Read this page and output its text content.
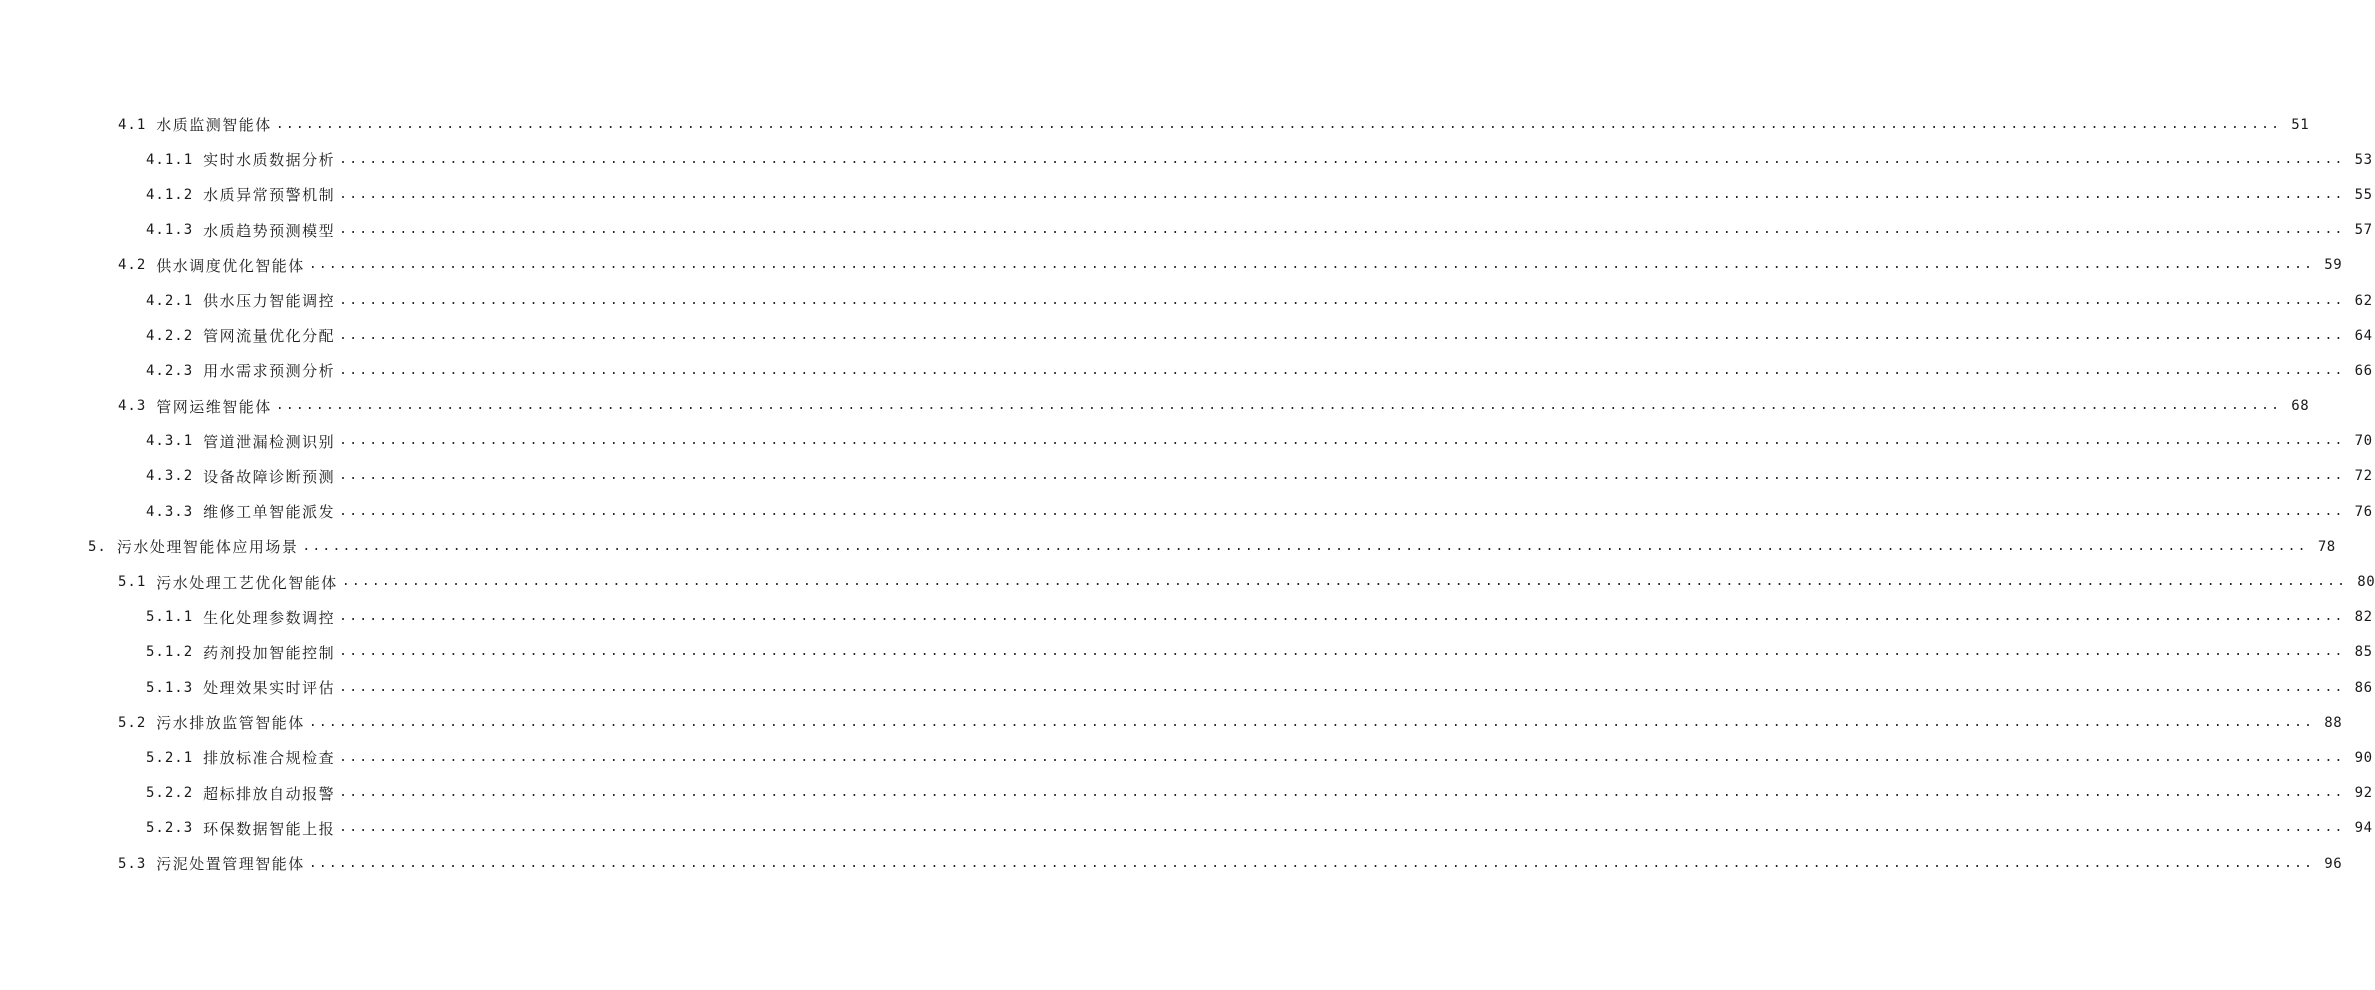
4.1 水质监测智能体 ........................................................................................................................................................................................................ 51
4.1.1 实时水质数据分析 ........................................................................................................................................................................................................ 53
4.1.2 水质异常预警机制 ........................................................................................................................................................................................................ 55
4.1.3 水质趋势预测模型 ........................................................................................................................................................................................................ 57
4.2 供水调度优化智能体 ........................................................................................................................................................................................................ 59
4.2.1 供水压力智能调控 ........................................................................................................................................................................................................ 62
4.2.2 管网流量优化分配 ........................................................................................................................................................................................................ 64
4.2.3 用水需求预测分析 ........................................................................................................................................................................................................ 66
4.3 管网运维智能体 ........................................................................................................................................................................................................ 68
4.3.1 管道泄漏检测识别 ........................................................................................................................................................................................................ 70
4.3.2 设备故障诊断预测 ........................................................................................................................................................................................................ 72
4.3.3 维修工单智能派发 ........................................................................................................................................................................................................ 76
5. 污水处理智能体应用场景 ........................................................................................................................................................................................................ 78
5.1 污水处理工艺优化智能体 ........................................................................................................................................................................................................ 80
5.1.1 生化处理参数调控 ........................................................................................................................................................................................................ 82
5.1.2 药剂投加智能控制 ........................................................................................................................................................................................................ 85
5.1.3 处理效果实时评估 ........................................................................................................................................................................................................ 86
5.2 污水排放监管智能体 ........................................................................................................................................................................................................ 88
5.2.1 排放标准合规检查 ........................................................................................................................................................................................................ 90
5.2.2 超标排放自动报警 ........................................................................................................................................................................................................ 92
5.2.3 环保数据智能上报 ........................................................................................................................................................................................................ 94
5.3 污泥处置管理智能体 ........................................................................................................................................................................................................ 96
